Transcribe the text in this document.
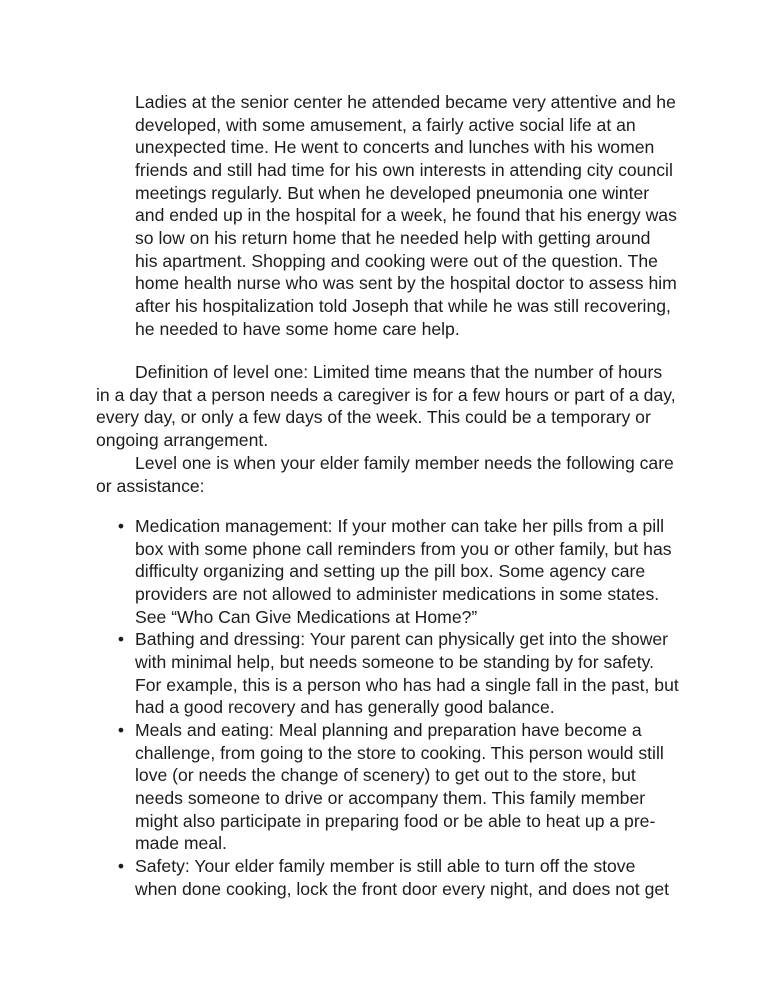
Ladies at the senior center he attended became very attentive and he
developed, with some amusement, a fairly active social life at an
unexpected time. He went to concerts and lunches with his women
friends and still had time for his own interests in attending city council
meetings regularly. But when he developed pneumonia one winter
and ended up in the hospital for a week, he found that his energy was
so low on his return home that he needed help with getting around
his apartment. Shopping and cooking were out of the question. The
home health nurse who was sent by the hospital doctor to assess him
after his hospitalization told Joseph that while he was still recovering,
he needed to have some home care help.

Definition of level one: Limited time means that the number of hours in a day that a person needs a caregiver is for a few hours or part of a day, every day, or only a few days of the week. This could be a temporary or ongoing arrangement.

Level one is when your elder family member needs the following care or assistance:

• Medication management: If your mother can take her pills from a pill
box with some phone call reminders from you or other family, but has
difficulty organizing and setting up the pill box. Some agency care
providers are not allowed to administer medications in some states.
See “Who Can Give Medications at Home?”
• Bathing and dressing: Your parent can physically get into the shower
with minimal help, but needs someone to be standing by for safety.
For example, this is a person who has had a single fall in the past, but
had a good recovery and has generally good balance.
• Meals and eating: Meal planning and preparation have become a
challenge, from going to the store to cooking. This person would still
love (or needs the change of scenery) to get out to the store, but
needs someone to drive or accompany them. This family member
might also participate in preparing food or be able to heat up a pre-
made meal.
• Safety: Your elder family member is still able to turn off the stove
when done cooking, lock the front door every night, and does not get
